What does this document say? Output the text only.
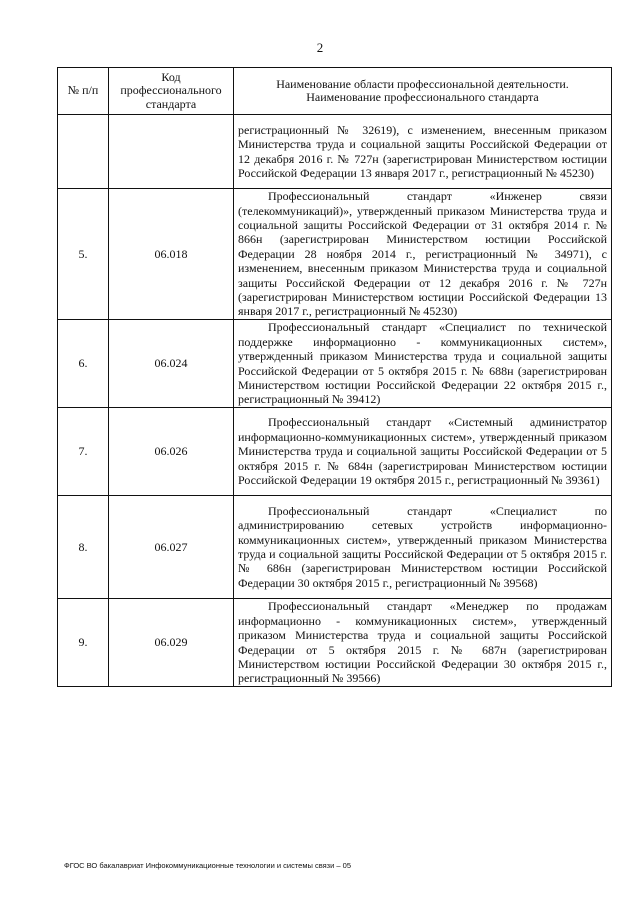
2
№ п/п	Код профессионального стандарта	Наименование области профессиональной деятельности. Наименование профессионального стандарта
		регистрационный № 32619), с изменением, внесенным приказом Министерства труда и социальной защиты Российской Федерации от 12 декабря 2016 г. № 727н (зарегистрирован Министерством юстиции Российской Федерации 13 января 2017 г., регистрационный № 45230)
5.	06.018	Профессиональный стандарт «Инженер связи (телекоммуникаций)», утвержденный приказом Министерства труда и социальной защиты Российской Федерации от 31 октября 2014 г. № 866н (зарегистрирован Министерством юстиции Российской Федерации 28 ноября 2014 г., регистрационный № 34971), с изменением, внесенным приказом Министерства труда и социальной защиты Российской Федерации от 12 декабря 2016 г. № 727н (зарегистрирован Министерством юстиции Российской Федерации 13 января 2017 г., регистрационный № 45230)
6.	06.024	Профессиональный стандарт «Специалист по технической поддержке информационно - коммуникационных систем», утвержденный приказом Министерства труда и социальной защиты Российской Федерации от 5 октября 2015 г. № 688н (зарегистрирован Министерством юстиции Российской Федерации 22 октября 2015 г., регистрационный № 39412)
7.	06.026	Профессиональный стандарт «Системный администратор информационно-коммуникационных систем», утвержденный приказом Министерства труда и социальной защиты Российской Федерации от 5 октября 2015 г. № 684н (зарегистрирован Министерством юстиции Российской Федерации 19 октября 2015 г., регистрационный № 39361)
8.	06.027	Профессиональный стандарт «Специалист по администрированию сетевых устройств информационно-коммуникационных систем», утвержденный приказом Министерства труда и социальной защиты Российской Федерации от 5 октября 2015 г. № 686н (зарегистрирован Министерством юстиции Российской Федерации 30 октября 2015 г., регистрационный № 39568)
9.	06.029	Профессиональный стандарт «Менеджер по продажам информационно - коммуникационных систем», утвержденный приказом Министерства труда и социальной защиты Российской Федерации от 5 октября 2015 г. № 687н (зарегистрирован Министерством юстиции Российской Федерации 30 октября 2015 г., регистрационный № 39566)
ФГОС ВО бакалавриат Инфокоммуникационные технологии и системы связи – 05
